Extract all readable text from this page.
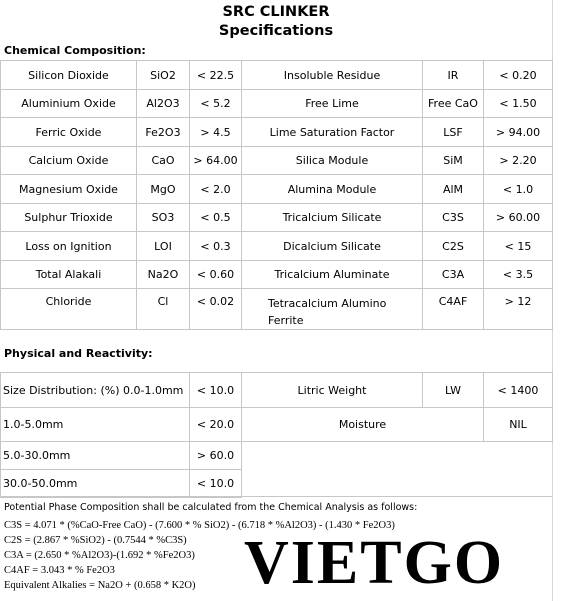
SRC CLINKER
Specifications
Chemical Composition:
Silicon Dioxide	SiO2	< 22.5	Insoluble Residue	IR	< 0.20
Aluminium Oxide	Al2O3	< 5.2	Free Lime	Free CaO	< 1.50
Ferric Oxide	Fe2O3	> 4.5	Lime Saturation Factor	LSF	> 94.00
Calcium Oxide	CaO	> 64.00	Silica Module	SiM	> 2.20
Magnesium Oxide	MgO	< 2.0	Alumina Module	AlM	< 1.0
Sulphur Trioxide	SO3	< 0.5	Tricalcium Silicate	C3S	> 60.00
Loss on Ignition	LOI	< 0.3	Dicalcium Silicate	C2S	< 15
Total Alakali	Na2O	< 0.60	Tricalcium Aluminate	C3A	< 3.5
Chloride	Cl	< 0.02	Tetracalcium Alumino Ferrite	C4AF	> 12
Physical and Reactivity:
Size Distribution: (%) 0.0-1.0mm	< 10.0	Litric Weight	LW	< 1400
1.0-5.0mm	< 20.0	Moisture		NIL
5.0-30.0mm	> 60.0			
30.0-50.0mm	< 10.0			
Potential Phase Composition shall be calculated from the Chemical Analysis as follows:
C3S = 4.071 * (%CaO-Free CaO) - (7.600 * % SiO2) - (6.718 * %Al2O3) - (1.430 * Fe2O3)
C2S = (2.867 * %SiO2) - (0.7544 * %C3S)
C3A = (2.650 * %Al2O3)-(1.692 * %Fe2O3)
C4AF = 3.043 * % Fe2O3
Equivalent Alkalies = Na2O + (0.658 * K2O) VIETGO
